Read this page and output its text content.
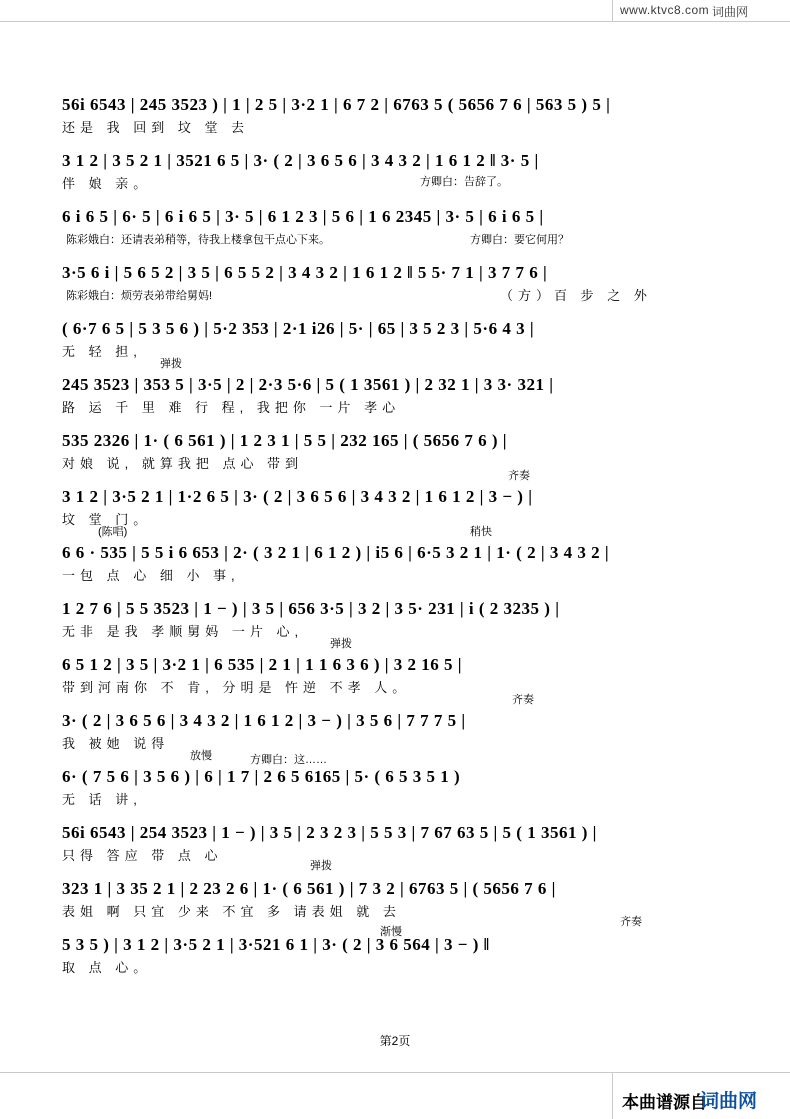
www.ktvc8.com 词曲网
56i 6543 | 245 3523 ) | 1 | 2 5 | 3·2 1 | 6 7 2 | 6763 5 ( 5656 7 6 | 563 5 ) 5 |
还是 我 回到 坟 堂 去
3 1 2 | 3 5 2 1 | 3521 6 5 | 3· ( 2 | 3 6 5 6 | 3 4 3 2 | 1 6 1 2 ‖ 3· 5 |
伴 娘 亲。	方卿白：告辞了。
6 i 6 5 | 6· 5 | 6 i 6 5 | 3· 5 | 6 1 2 3 | 5 6 | 1 6 2345 | 3· 5 | 6 i 6 5 |
陈彩娥白：还请表弟稍等，待我上楼拿包干点心下来。	方卿白：要它何用？
3·5 6 i | 5 6 5 2 | 3 5 | 6 5 5 2 | 3 4 3 2 | 1 6 1 2 ‖ 5 5· 7 1 | 3 7 7 6 |
陈彩娥白：烦劳表弟带给舅妈!	（方）百 步 之 外
( 6·7 6 5 | 5 3 5 6 ) | 5·2 353 | 2·1 i26 | 5· | 65 | 3 5 2 3 | 5·6 4 3 |
无 轻 担,
弹拨
245 3523 | 353 5 | 3·5 | 2 | 2·3 5·6 | 5 ( 1 3561 ) | 2 32 1 | 3 3· 321 |
路 运 千 里 难 行 程, 我把你 一片 孝心
535 2326 | 1· ( 6 561 ) | 1 2 3 1 | 5 5 | 232 165 | ( 5656 7 6 ) |
对娘 说, 就算我把 点心 带到
齐奏
3 1 2 | 3·5 2 1 | 1·2 6 5 | 3· ( 2 | 3 6 5 6 | 3 4 3 2 | 1 6 1 2 | 3 − ) |
坟 堂 门。
(陈唱)	稍快
6 6 · 535 | 5 5 i 6 653 | 2· ( 3 2 1 | 6 1 2 ) | i5 6 | 6·5 3 2 1 | 1· ( 2 | 3 4 3 2 |
一包 点 心 细 小 事,
1 2 7 6 | 5 5 3523 | 1 − ) | 3 5 | 656 3·5 | 3 2 | 3 5· 231 | i ( 2 3235 ) |
无非 是我 孝顺舅妈 一片 心,
弹拨
6 5 1 2 | 3 5 | 3·2 1 | 6 535 | 2 1 | 1 1 6 3 6 ) | 3 2 16 5 |
带到河南你 不 肯, 分明是 忤逆 不孝 人。
齐奏
3· ( 2 | 3 6 5 6 | 3 4 3 2 | 1 6 1 2 | 3 − ) | 3 5 6 | 7 7 7 5 |
我 被她 说得
放慢	方卿白：这……
6· ( 7 5 6 | 3 5 6 ) | 6 | 1 7 | 2 6 5 6165 | 5· ( 6 5 3 5 1 )
无 话 讲,
56i 6543 | 254 3523 | 1 − ) | 3 5 | 2 3 2 3 | 5 5 3 | 7 67 63 5 | 5 ( 1 3561 ) |
只得 答应 带 点 心
弹拨
323 1 | 3 35 2 1 | 2 23 2 6 | 1· ( 6 561 ) | 7 3 2 | 6763 5 | ( 5656 7 6 |
表姐 啊 只宜 少来 不宜 多 请表姐 就 去
齐奏
渐慢
5 3 5 ) | 3 1 2 | 3·5 2 1 | 3·521 6 1 | 3· ( 2 | 3 6 564 | 3 − ) ‖
取 点 心。
第2页
本曲谱源自
词曲网
